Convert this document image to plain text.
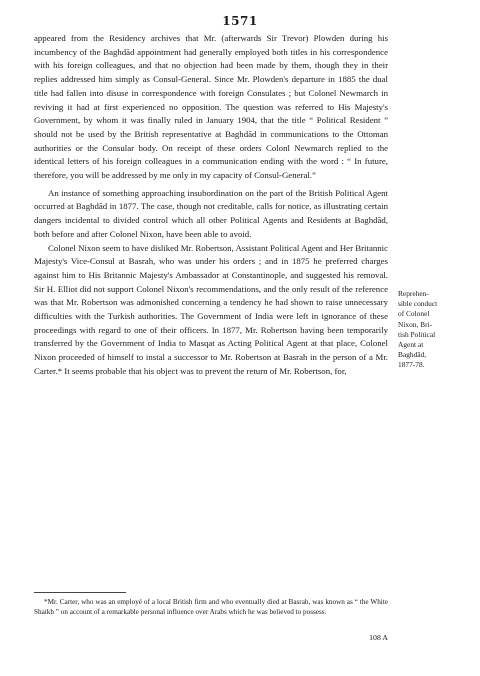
1571

appeared from the Residency archives that Mr. (afterwards Sir Trevor) Plowden during his incumbency of the Baghdād appointment had generally employed both titles in his correspondence with his foreign colleagues, and that no objection had been made by them, though they in their replies addressed him simply as Consul-General. Since Mr. Plowden's departure in 1885 the dual title had fallen into disuse in correspondence with foreign Consulates ; but Colonel Newmarch in reviving it had at first experienced no opposition. The question was referred to His Majesty's Government, by whom it was finally ruled in January 1904, that the title “ Political Resident ” should not be used by the British representative at Baghdād in communications to the Ottoman authorities or the Consular body. On receipt of these orders Colonl Newmarch replied to the identical letters of his foreign colleagues in a communication ending with the word : “ In future, therefore, you will be addressed by me only in my capacity of Consul-General.”

An instance of something approaching insubordination on the part of the British Political Agent occurred at Baghdād in 1877. The case, though not creditable, calls for notice, as illustrating certain dangers incidental to divided control which all other Political Agents and Residents at Baghdād, both before and after Colonel Nixon, have been able to avoid.

Colonel Nixon seem to have disliked Mr. Robertson, Assistant Political Agent and Her Britannic Majesty's Vice-Consul at Basrah, who was under his orders ; and in 1875 he preferred charges against him to His Britannic Majesty's Ambassador at Constantinople, and suggested his removal. Sir H. Elliot did not support Colonel Nixon's recommendations, and the only result of the reference was that Mr. Robertson was admonished concerning a tendency he had shown to raise unnecessary difficulties with the Turkish authorities. The Government of India were left in ignorance of these proceedings with regard to one of their officers. In 1877, Mr. Robertson having been temporarily transferred by the Government of India to Masqat as Acting Political Agent at that place, Colonel Nixon proceeded of himself to instal a successor to Mr. Robertson at Basrah in the person of a Mr. Carter.* It seems probable that his object was to prevent the return of Mr. Robertson, for,

Reprehen-
sible conduct
of Colonel
Nixon, Bri-
tish Political
Agent at
Baghdād,
1877-78.
*Mr. Carter, who was an employé of a local British firm and who eventually died at Basrah, was known as “ the White Shaikh ” on account of a remarkable personal influence over Arabs which he was believed to possess.
108 A
